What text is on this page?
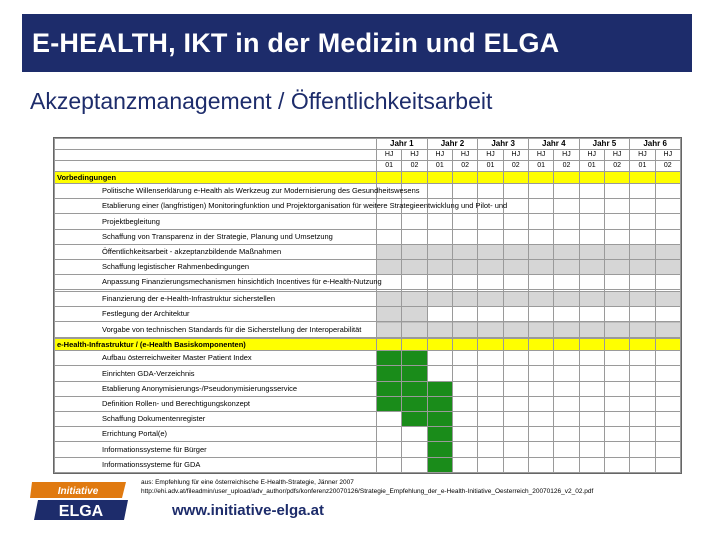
E-HEALTH, IKT in der Medizin und ELGA
Akzeptanzmanagement / Öffentlichkeitsarbeit
	Jahr 1		Jahr 2		Jahr 3		Jahr 4		Jahr 5		Jahr 6	
	HJ	HJ	HJ	HJ	HJ	HJ	HJ	HJ	HJ	HJ	HJ	HJ
	01	02	01	02	01	02	01	02	01	02	01	02
Vorbedingungen												
Politische Willenserklärung e-Health als Werkzeug zur Modernisierung des Gesundheitswesens												
Etablierung einer (langfristigen) Monitoringfunktion und Projektorganisation für weitere Strategieentwicklung und Pilot- und												
Projektbegleitung												
Schaffung von Transparenz in der Strategie, Planung und Umsetzung												
Öffentlichkeitsarbeit - akzeptanzbildende Maßnahmen												
Schaffung legistischer Rahmenbedingungen												
Anpassung Finanzierungsmechanismen hinsichtlich Incentives für e-Health-Nutzung												

Finanzierung der e-Health-Infrastruktur sicherstellen												
Festlegung der Architektur												
Vorgabe von technischen Standards für die Sicherstellung der Interoperabilität												

e-Health-Infrastruktur / (e-Health Basiskomponenten)												
Aufbau österreichweiter Master Patient Index												
Einrichten GDA-Verzeichnis												
Etablierung Anonymisierungs-/Pseudonymisierungsservice												
Definition Rollen- und Berechtigungskonzept												
Schaffung Dokumentenregister												
Errichtung Portal(e)												
Informationssysteme für Bürger												
Informationssysteme für GDA												
Initiative
ELGA
aus: Empfehlung für eine österreichische E-Health-Strategie, Jänner 2007
http://ehi.adv.at/fileadmin/user_upload/adv_author/pdfs/konferenz20070126/Strategie_Empfehlung_der_e-Health-Initiative_Oesterreich_20070126_v2_02.pdf
www.initiative-elga.at
